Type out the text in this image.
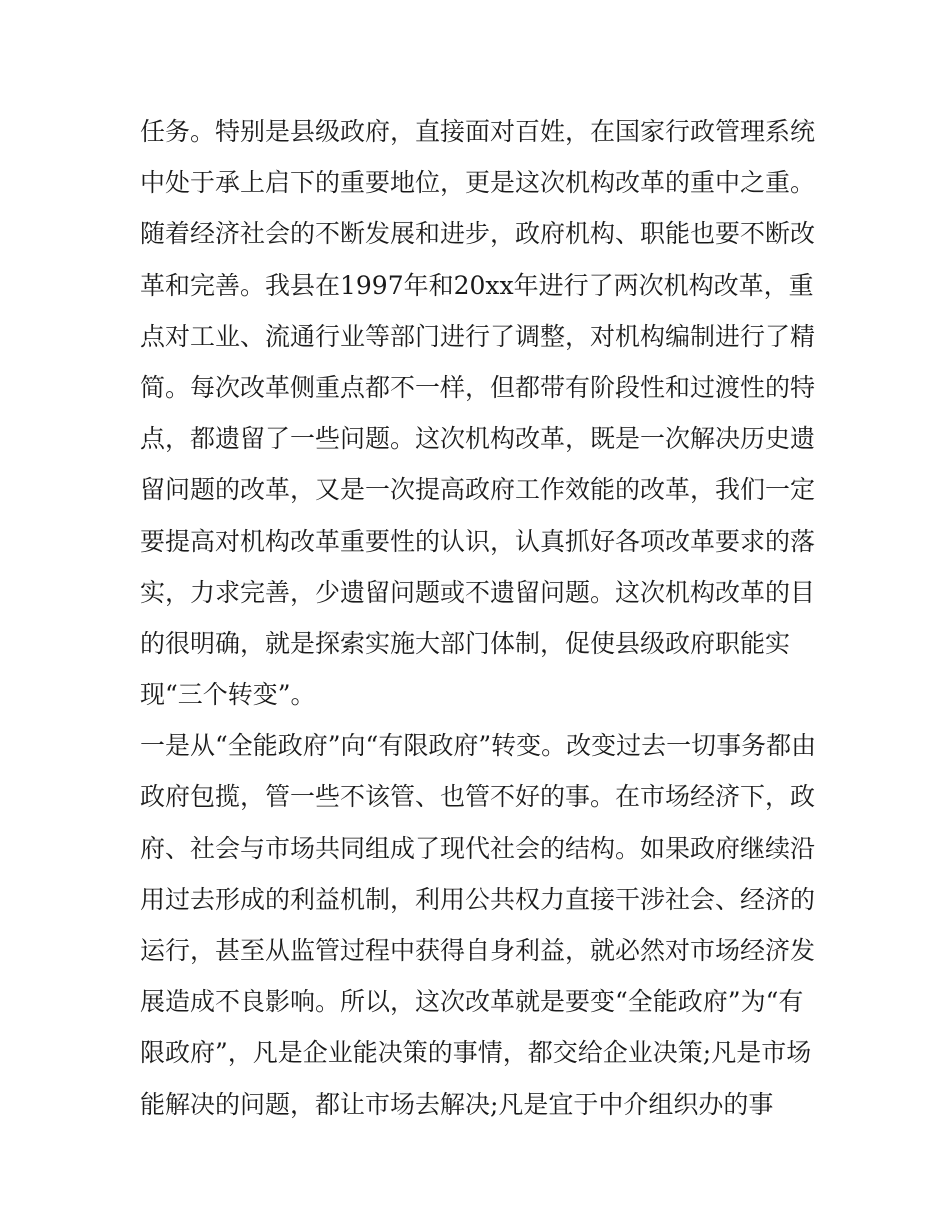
任务。特别是县级政府，直接面对百姓，在国家行政管理系统
中处于承上启下的重要地位，更是这次机构改革的重中之重。
随着经济社会的不断发展和进步，政府机构、职能也要不断改
革和完善。我县在1997年和20xx年进行了两次机构改革，重
点对工业、流通行业等部门进行了调整，对机构编制进行了精
简。每次改革侧重点都不一样，但都带有阶段性和过渡性的特
点，都遗留了一些问题。这次机构改革，既是一次解决历史遗
留问题的改革，又是一次提高政府工作效能的改革，我们一定
要提高对机构改革重要性的认识，认真抓好各项改革要求的落
实，力求完善，少遗留问题或不遗留问题。这次机构改革的目
的很明确，就是探索实施大部门体制，促使县级政府职能实
现“三个转变”。
一是从“全能政府”向“有限政府”转变。改变过去一切事务都由
政府包揽，管一些不该管、也管不好的事。在市场经济下，政
府、社会与市场共同组成了现代社会的结构。如果政府继续沿
用过去形成的利益机制，利用公共权力直接干涉社会、经济的
运行，甚至从监管过程中获得自身利益，就必然对市场经济发
展造成不良影响。所以，这次改革就是要变“全能政府”为“有
限政府”，凡是企业能决策的事情，都交给企业决策;凡是市场
能解决的问题，都让市场去解决;凡是宜于中介组织办的事
